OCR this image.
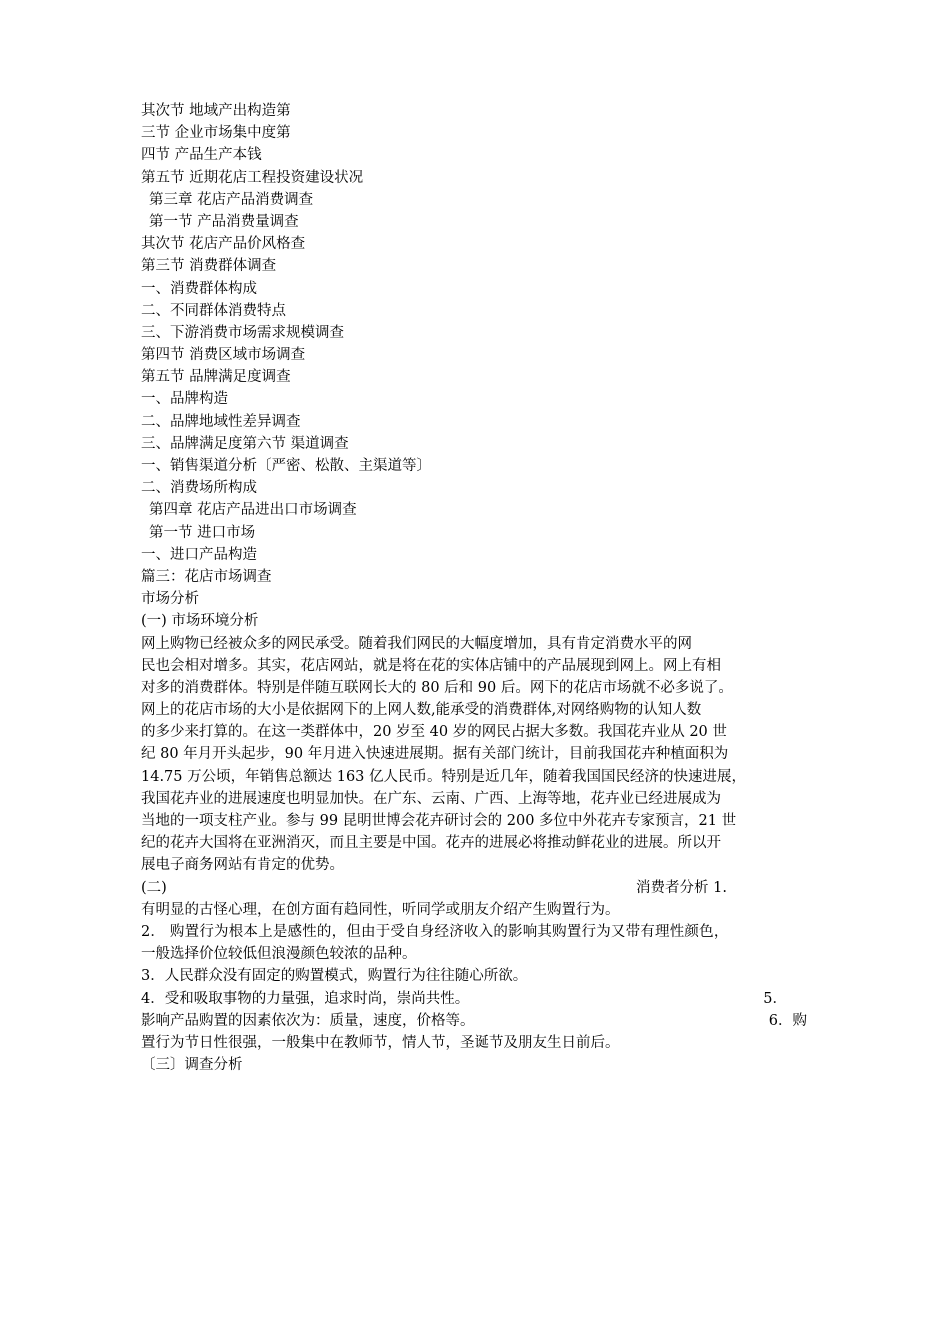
其次节 地域产出构造第
三节 企业市场集中度第
四节 产品生产本钱
第五节 近期花店工程投资建设状况
第三章 花店产品消费调查
第一节 产品消费量调查
其次节 花店产品价风格查
第三节 消费群体调查
一、消费群体构成
二、不同群体消费特点
三、下游消费市场需求规模调查
第四节 消费区域市场调查
第五节 品牌满足度调查
一、品牌构造
二、品牌地域性差异调查
三、品牌满足度第六节 渠道调查
一、销售渠道分析〔严密、松散、主渠道等〕
二、消费场所构成
第四章 花店产品进出口市场调查
第一节 进口市场
一、进口产品构造
篇三：花店市场调查
市场分析
(一) 市场环境分析
网上购物已经被众多的网民承受。随着我们网民的大幅度增加，具有肯定消费水平的网
民也会相对增多。其实，花店网站，就是将在花的实体店铺中的产品展现到网上。网上有相
对多的消费群体。特别是伴随互联网长大的 80 后和 90 后。网下的花店市场就不必多说了。
网上的花店市场的大小是依据网下的上网人数,能承受的消费群体,对网络购物的认知人数
的多少来打算的。在这一类群体中，20 岁至 40 岁的网民占据大多数。我国花卉业从 20 世
纪 80 年月开头起步，90 年月进入快速进展期。据有关部门统计，目前我国花卉种植面积为
14.75 万公顷，年销售总额达 163 亿人民币。特别是近几年，随着我国国民经济的快速进展，
我国花卉业的进展速度也明显加快。在广东、云南、广西、上海等地，花卉业已经进展成为
当地的一项支柱产业。参与 99 昆明世博会花卉研讨会的 200 多位中外花卉专家预言，21 世
纪的花卉大国将在亚洲消灭，而且主要是中国。花卉的进展必将推动鲜花业的进展。所以开
展电子商务网站有肯定的优势。
(二)	消费者分析 1.
有明显的古怪心理，在创方面有趋同性，听同学或朋友介绍产生购置行为。
2． 购置行为根本上是感性的，但由于受自身经济收入的影响其购置行为又带有理性颜色，
一般选择价位较低但浪漫颜色较浓的品种。
3．人民群众没有固定的购置模式，购置行为往往随心所欲。
4．受和吸取事物的力量强，追求时尚，崇尚共性。	5．
影响产品购置的因素依次为：质量，速度，价格等。	6．购
置行为节日性很强，一般集中在教师节，情人节，圣诞节及朋友生日前后。
〔三〕调查分析
